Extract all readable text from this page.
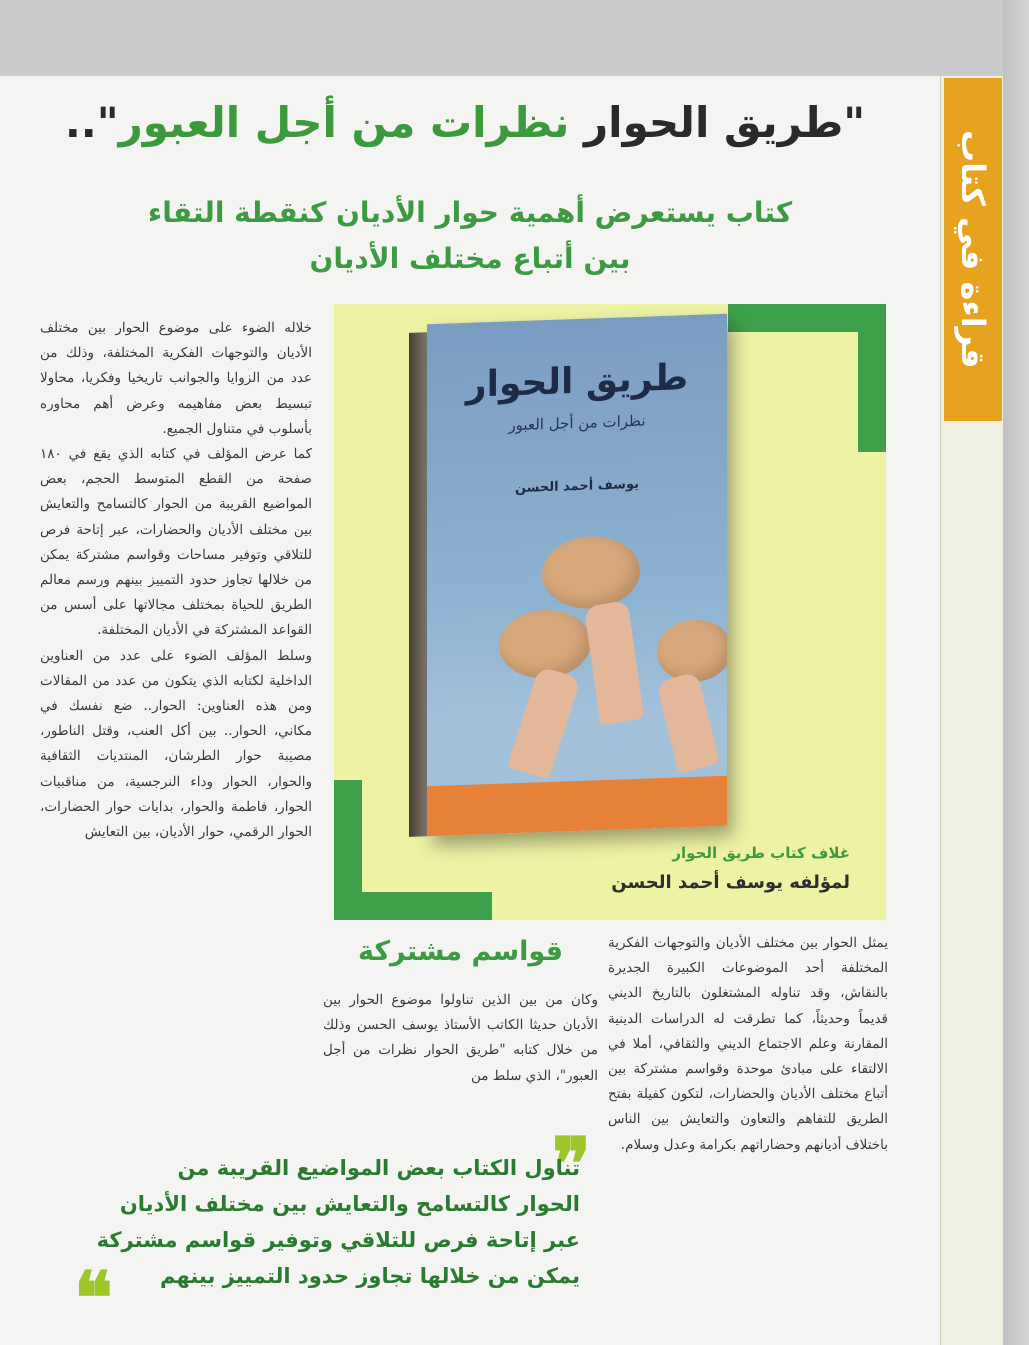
قراءة في كتاب
"طريق الحوار نظرات من أجل العبور"..
كتاب يستعرض أهمية حوار الأديان كنقطة التقاء
بين أتباع مختلف الأديان
طريق الحوار
نظرات من أجل العبور
يوسف أحمد الحسن
غلاف كتاب طريق الحوار
لمؤلفه يوسف أحمد الحسن

خلاله الضوء على موضوع الحوار بين مختلف الأديان والتوجهات الفكرية المختلفة، وذلك من عدد من الزوايا والجوانب تاريخيا وفكريا، محاولا تبسيط بعض مفاهيمه وعرض أهم محاوره بأسلوب في متناول الجميع.

كما عرض المؤلف في كتابه الذي يقع في ١٨٠ صفحة من القطع المتوسط الحجم، بعض المواضيع القريبة من الحوار كالتسامح والتعايش بين مختلف الأديان والحضارات، عبر إتاحة فرص للتلاقي وتوفير مساحات وقواسم مشتركة يمكن من خلالها تجاوز حدود التمييز بينهم ورسم معالم الطريق للحياة بمختلف مجالاتها على أسس من القواعد المشتركة في الأديان المختلفة.

وسلط المؤلف الضوء على عدد من العناوين الداخلية لكتابه الذي يتكون من عدد من المقالات ومن هذه العناوين: الحوار.. ضع نفسك في مكاني، الحوار.. بين أكل العنب، وقتل الناطور، مصيبة حوار الطرشان، المنتديات الثقافية والحوار، الحوار وداء النرجسية، من مناقبيات الحوار، فاطمة والحوار، بدايات حوار الحضارات، الحوار الرقمي، حوار الأديان، بين التعايش

قواسم مشتركة

وكان من بين الذين تناولوا موضوع الحوار بين الأديان حديثا الكاتب الأستاذ يوسف الحسن وذلك من خلال كتابه "طريق الحوار نظرات من أجل العبور"، الذي سلط من

يمثل الحوار بين مختلف الأديان والتوجهات الفكرية المختلفة أحد الموضوعات الكبيرة الجديرة بالنقاش، وقد تناوله المشتغلون بالتاريخ الديني قديماً وحديثاً، كما تطرقت له الدراسات الدينية المقارنة وعلم الاجتماع الديني والثقافي، أملا في الالتقاء على مبادئ موحدة وقواسم مشتركة بين أتباع مختلف الأديان والحضارات، لتكون كفيلة بفتح الطريق للتفاهم والتعاون والتعايش بين الناس باختلاف أديانهم وحضاراتهم بكرامة وعدل وسلام.

❞

تناول الكتاب بعض المواضيع القريبة من

الحوار كالتسامح والتعايش بين مختلف الأديان

عبر إتاحة فرص للتلاقي وتوفير قواسم مشتركة

يمكن من خلالها تجاوز حدود التمييز بينهم

❝
